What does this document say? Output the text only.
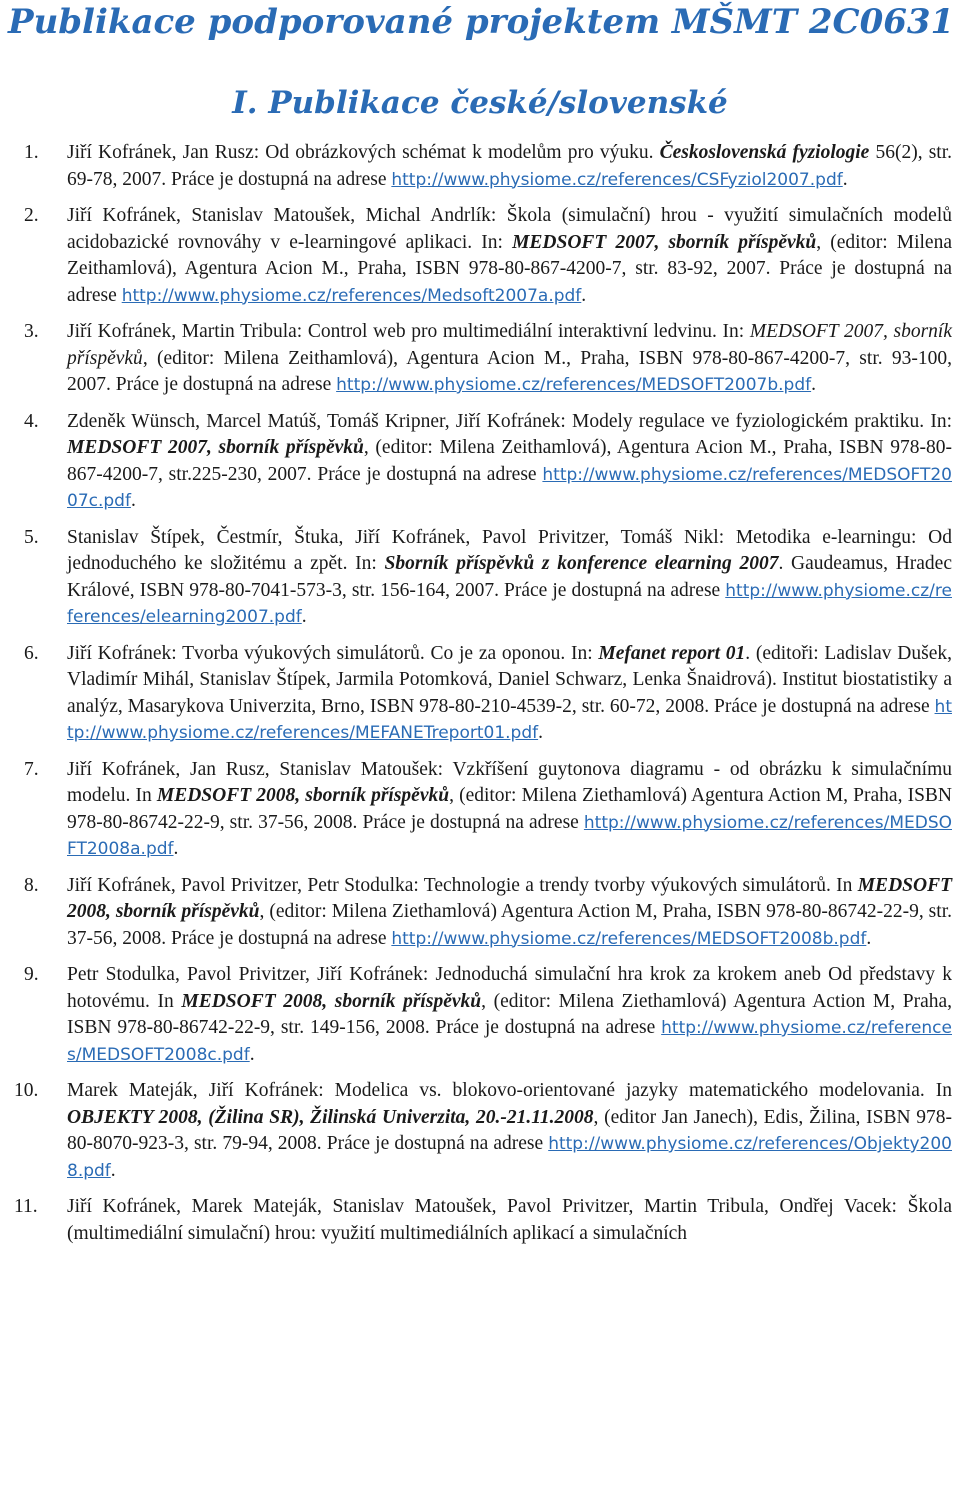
Publikace podporované projektem MŠMT 2C0631
I. Publikace české/slovenské
1.	Jiří Kofránek, Jan Rusz: Od obrázkových schémat k modelům pro výuku. Československá fyziologie 56(2), str. 69-78, 2007. Práce je dostupná na adrese http://www.physiome.cz/references/CSFyziol2007.pdf.
2.	Jiří Kofránek, Stanislav Matoušek, Michal Andrlík: Škola (simulační) hrou - využití simulačních modelů acidobazické rovnováhy v e-learningové aplikaci. In: MEDSOFT 2007, sborník příspěvků, (editor: Milena Zeithamlová), Agentura Acion M., Praha, ISBN 978-80-867-4200-7, str. 83-92, 2007. Práce je dostupná na adrese http://www.physiome.cz/references/Medsoft2007a.pdf.
3.	Jiří Kofránek, Martin Tribula: Control web pro multimediální interaktivní ledvinu. In: MEDSOFT 2007, sborník příspěvků, (editor: Milena Zeithamlová), Agentura Acion M., Praha, ISBN 978-80-867-4200-7, str. 93-100, 2007. Práce je dostupná na adrese http://www.physiome.cz/references/MEDSOFT2007b.pdf.
4.	Zdeněk Wünsch, Marcel Matúš, Tomáš Kripner, Jiří Kofránek: Modely regulace ve fyziologickém praktiku. In: MEDSOFT 2007, sborník příspěvků, (editor: Milena Zeithamlová), Agentura Acion M., Praha, ISBN 978-80-867-4200-7, str.225-230, 2007. Práce je dostupná na adrese http://www.physiome.cz/references/MEDSOFT2007c.pdf.
5.	Stanislav Štípek, Čestmír, Štuka, Jiří Kofránek, Pavol Privitzer, Tomáš Nikl: Metodika e-learningu: Od jednoduchého ke složitému a zpět. In: Sborník příspěvků z konference elearning 2007. Gaudeamus, Hradec Králové, ISBN 978-80-7041-573-3, str. 156-164, 2007. Práce je dostupná na adrese http://www.physiome.cz/references/elearning2007.pdf.
6.	Jiří Kofránek: Tvorba výukových simulátorů. Co je za oponou. In: Mefanet report 01. (editoři: Ladislav Dušek, Vladimír Mihál, Stanislav Štípek, Jarmila Potomková, Daniel Schwarz, Lenka Šnaidrová). Institut biostatistiky a analýz, Masarykova Univerzita, Brno, ISBN 978-80-210-4539-2, str. 60-72, 2008. Práce je dostupná na adrese http://www.physiome.cz/references/MEFANETreport01.pdf.
7.	Jiří Kofránek, Jan Rusz, Stanislav Matoušek: Vzkříšení guytonova diagramu - od obrázku k simulačnímu modelu. In MEDSOFT 2008, sborník příspěvků, (editor: Milena Ziethamlová) Agentura Action M, Praha, ISBN 978-80-86742-22-9, str. 37-56, 2008. Práce je dostupná na adrese http://www.physiome.cz/references/MEDSOFT2008a.pdf.
8.	Jiří Kofránek, Pavol Privitzer, Petr Stodulka: Technologie a trendy tvorby výukových simulátorů. In MEDSOFT 2008, sborník příspěvků, (editor: Milena Ziethamlová) Agentura Action M, Praha, ISBN 978-80-86742-22-9, str. 37-56, 2008. Práce je dostupná na adrese http://www.physiome.cz/references/MEDSOFT2008b.pdf.
9.	Petr Stodulka, Pavol Privitzer, Jiří Kofránek: Jednoduchá simulační hra krok za krokem aneb Od představy k hotovému. In MEDSOFT 2008, sborník příspěvků, (editor: Milena Ziethamlová) Agentura Action M, Praha, ISBN 978-80-86742-22-9, str. 149-156, 2008. Práce je dostupná na adrese http://www.physiome.cz/references/MEDSOFT2008c.pdf.
10.	Marek Mateják, Jiří Kofránek: Modelica vs. blokovo-orientované jazyky matematického modelovania. In OBJEKTY 2008, (Žilina SR), Žilinská Univerzita, 20.-21.11.2008, (editor Jan Janech), Edis, Žilina, ISBN 978-80-8070-923-3, str. 79-94, 2008. Práce je dostupná na adrese http://www.physiome.cz/references/Objekty2008.pdf.
11.	Jiří Kofránek, Marek Mateják, Stanislav Matoušek, Pavol Privitzer, Martin Tribula, Ondřej Vacek: Škola (multimediální simulační) hrou: využití multimediálních aplikací a simulačních
